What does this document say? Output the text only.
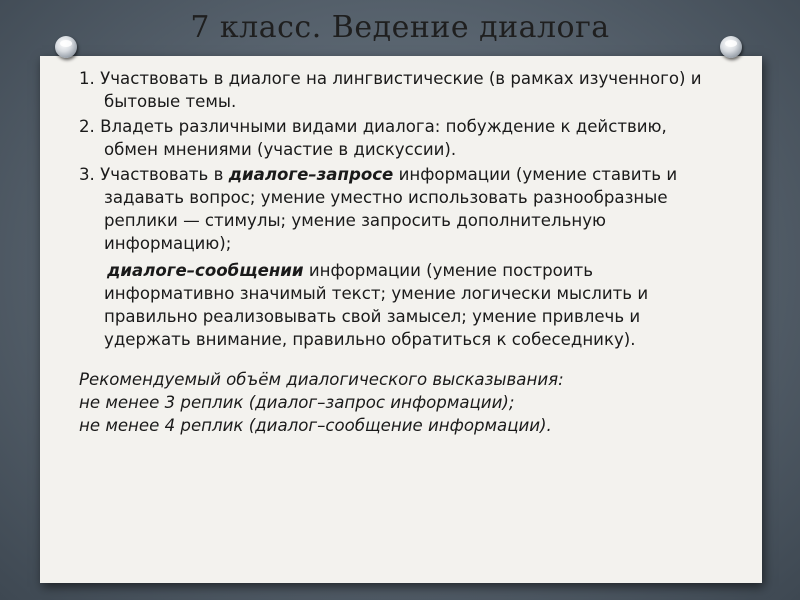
7 класс. Ведение диалога
1. Участвовать в диалоге на лингвистические (в рамках изученного) и бытовые темы.
2. Владеть различными видами диалога: побуждение к действию, обмен мнениями (участие в дискуссии).
3. Участвовать в диалоге–запросе информации (умение ставить и задавать вопрос; умение уместно использовать разнообразные реплики — стимулы; умение запросить дополнительную информацию);
диалоге–сообщении информации (умение построить информативно значимый текст; умение логически мыслить и правильно реализовывать свой замысел; умение привлечь и удержать внимание, правильно обратиться к собеседнику).
Рекомендуемый объём диалогического высказывания:
не менее 3 реплик (диалог–запрос информации);
не менее 4 реплик (диалог–сообщение информации).
